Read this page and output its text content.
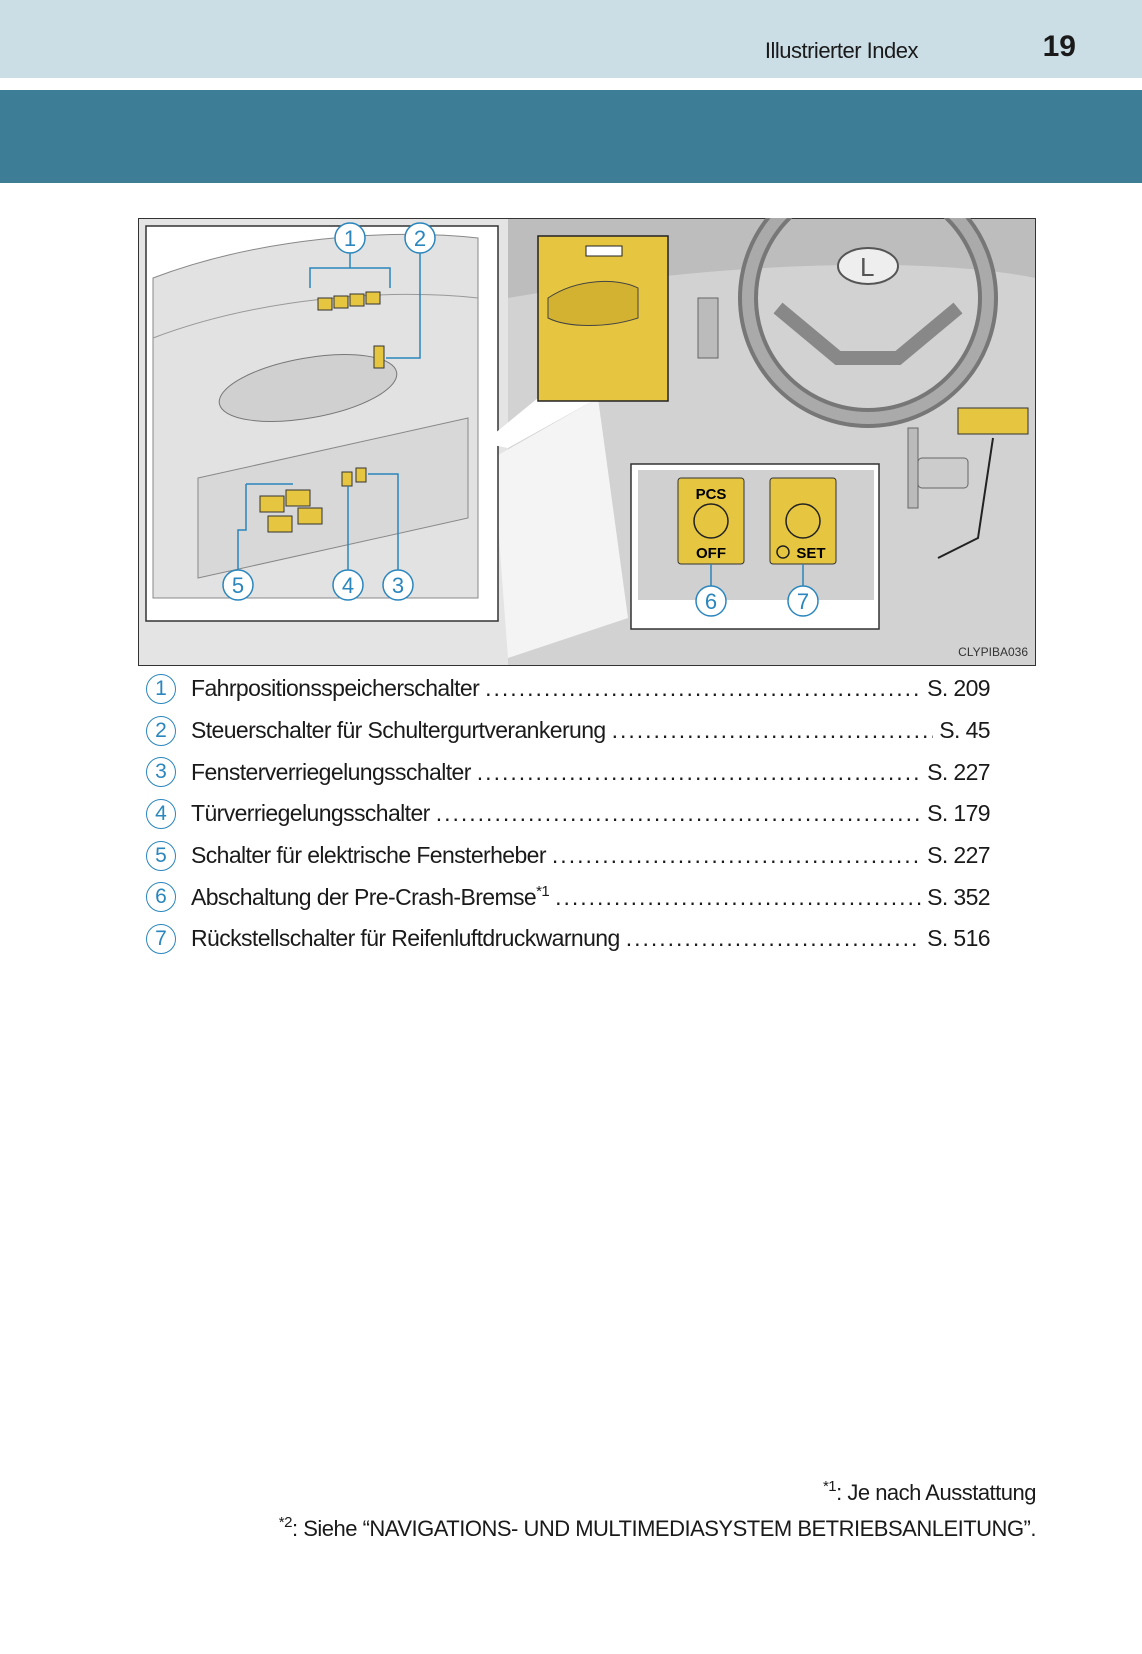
Illustrierter Index	19
L
PCS
OFF	SET
1	2
3
4
5
6	7
CLYPIBA036
1	Fahrpositionsspeicherschalter .....	S. 209
2	Steuerschalter für Schultergurtverankerung .....	S. 45
3	Fensterverriegelungsschalter .....	S. 227
4	Türverriegelungsschalter .....	S. 179
5	Schalter für elektrische Fensterheber .....	S. 227
6	Abschaltung der Pre-Crash-Bremse$^{*1}$ .....	S. 352
7	Rückstellschalter für Reifenluftdruckwarnung .....	S. 516
$^{*1}$: Je nach Ausstattung
$^{*2}$: Siehe “NAVIGATIONS- UND MULTIMEDIASYSTEM BETRIEBSANLEITUNG”.
